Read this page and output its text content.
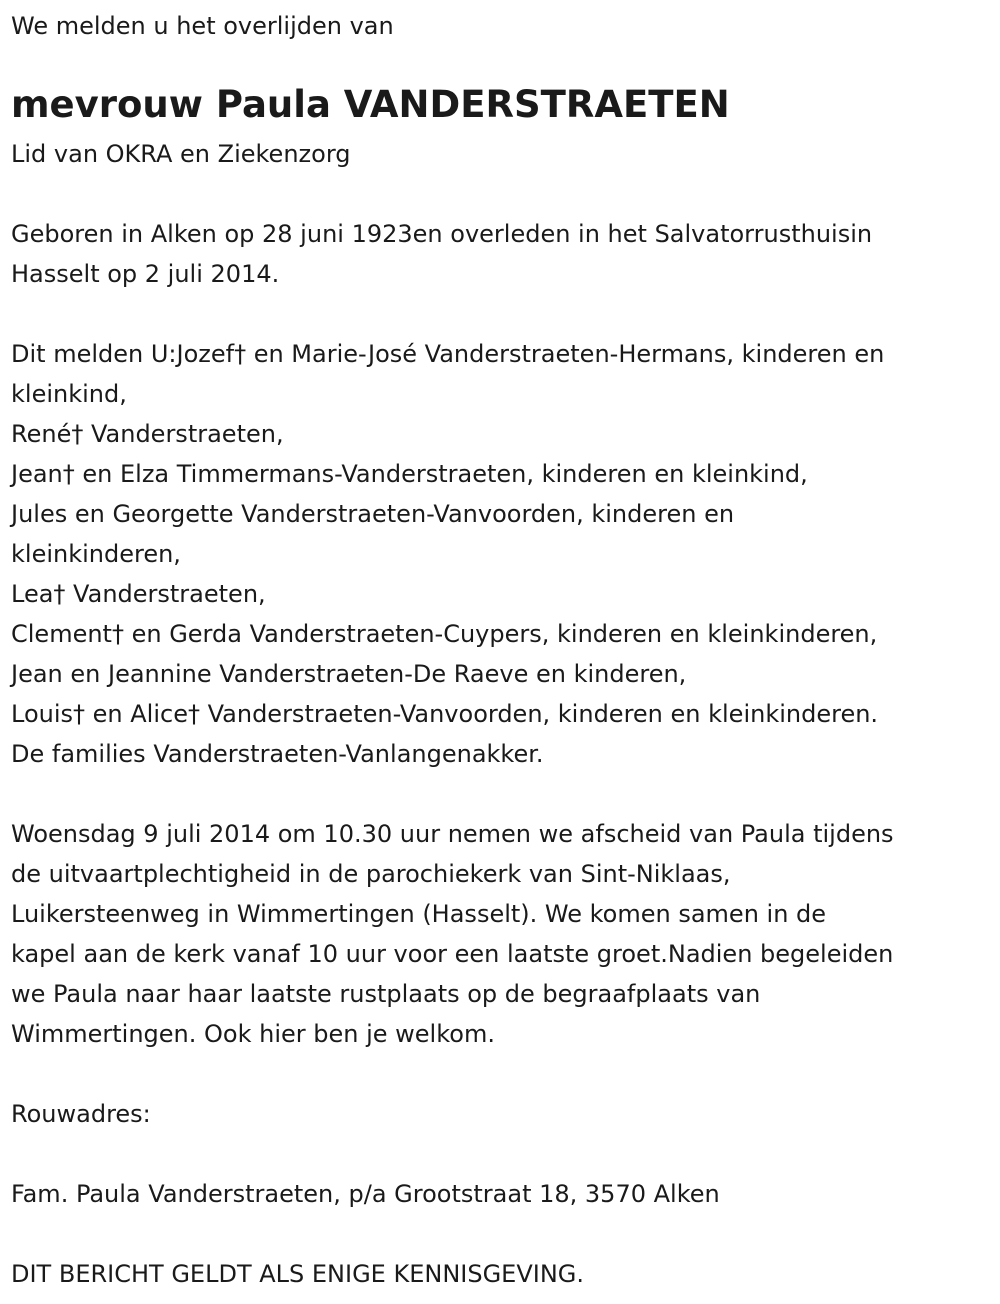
We melden u het overlijden van
mevrouw Paula VANDERSTRAETEN
Lid van OKRA en Ziekenzorg
Geboren in Alken op 28 juni 1923en overleden in het Salvatorrusthuisin
Hasselt op 2 juli 2014.
Dit melden U:Jozef† en Marie-José Vanderstraeten-Hermans, kinderen en
kleinkind,
René† Vanderstraeten,
Jean† en Elza Timmermans-Vanderstraeten, kinderen en kleinkind,
Jules en Georgette Vanderstraeten-Vanvoorden, kinderen en
kleinkinderen,
Lea† Vanderstraeten,
Clement† en Gerda Vanderstraeten-Cuypers, kinderen en kleinkinderen,
Jean en Jeannine Vanderstraeten-De Raeve en kinderen,
Louis† en Alice† Vanderstraeten-Vanvoorden, kinderen en kleinkinderen.
De families Vanderstraeten-Vanlangenakker.
Woensdag 9 juli 2014 om 10.30 uur nemen we afscheid van Paula tijdens
de uitvaartplechtigheid in de parochiekerk van Sint-Niklaas,
Luikersteenweg in Wimmertingen (Hasselt). We komen samen in de
kapel aan de kerk vanaf 10 uur voor een laatste groet.Nadien begeleiden
we Paula naar haar laatste rustplaats op de begraafplaats van
Wimmertingen. Ook hier ben je welkom.
Rouwadres:
Fam. Paula Vanderstraeten, p/a Grootstraat 18, 3570 Alken
DIT BERICHT GELDT ALS ENIGE KENNISGEVING.
